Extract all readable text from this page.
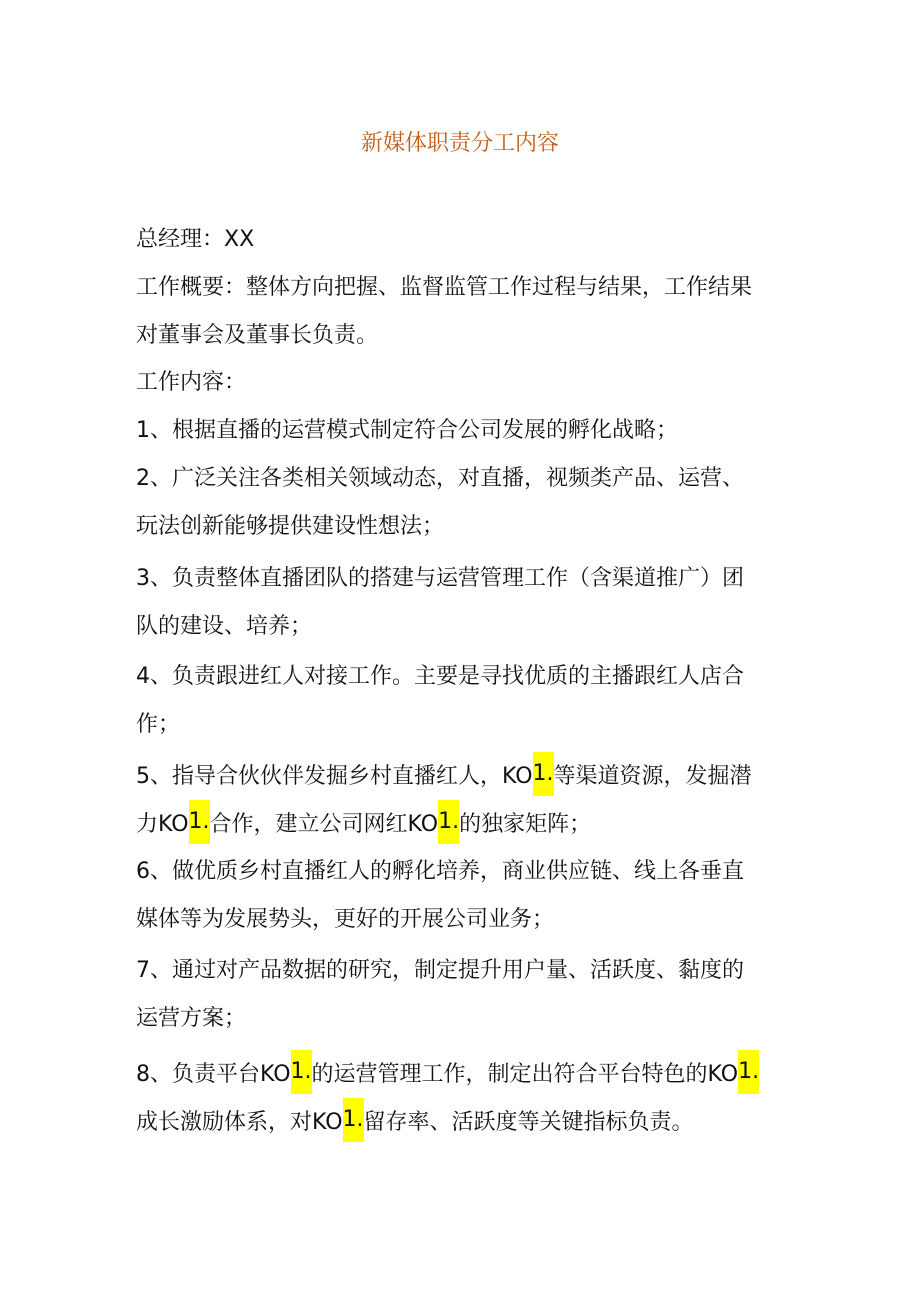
新媒体职责分工内容
总经理：XX
工作概要：整体方向把握、监督监管工作过程与结果，工作结果
对董事会及董事长负责。
工作内容：
1、根据直播的运营模式制定符合公司发展的孵化战略；
2、广泛关注各类相关领域动态，对直播，视频类产品、运营、
玩法创新能够提供建设性想法；
3、负责整体直播团队的搭建与运营管理工作（含渠道推广）团
队的建设、培养；
4、负责跟进红人对接工作。主要是寻找优质的主播跟红人店合
作；
5、指导合伙伙伴发掘乡村直播红人，KO1.等渠道资源，发掘潜
力KO1.合作，建立公司网红KO1.的独家矩阵；
6、做优质乡村直播红人的孵化培养，商业供应链、线上各垂直
媒体等为发展势头，更好的开展公司业务；
7、通过对产品数据的研究，制定提升用户量、活跃度、黏度的
运营方案；
8、负责平台KO1.的运营管理工作，制定出符合平台特色的KO1.
成长激励体系，对KO1.留存率、活跃度等关键指标负责。
